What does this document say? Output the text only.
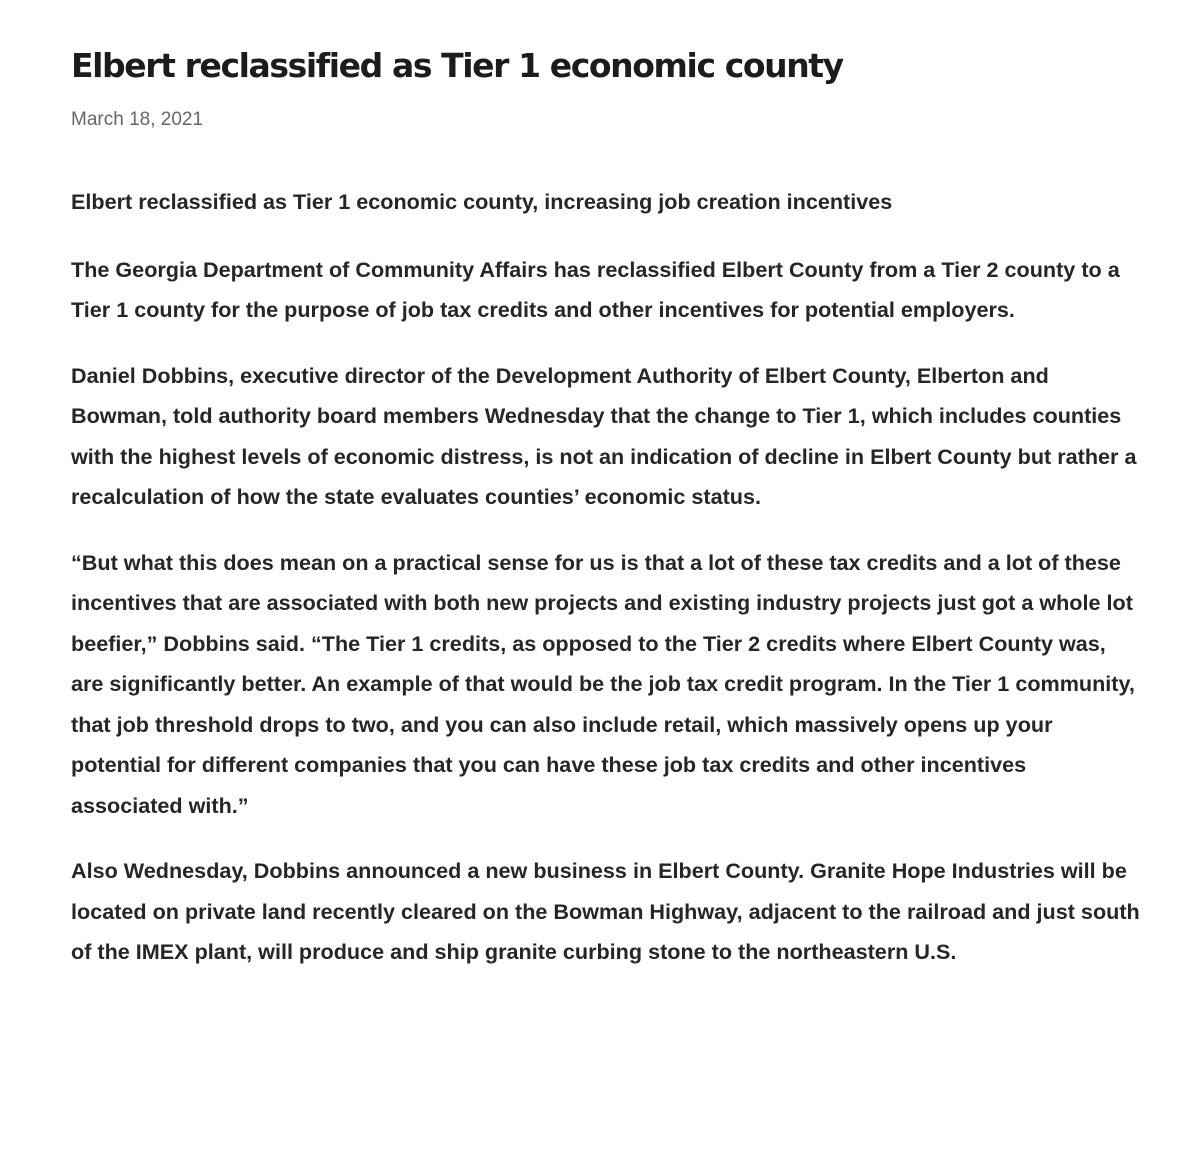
Elbert reclassified as Tier 1 economic county
March 18, 2021

Elbert reclassified as Tier 1 economic county, increasing job creation incentives

The Georgia Department of Community Affairs has reclassified Elbert County from a Tier 2 county to a Tier 1 county for the purpose of job tax credits and other incentives for potential employers.

Daniel Dobbins, executive director of the Development Authority of Elbert County, Elberton and Bowman, told authority board members Wednesday that the change to Tier 1, which includes counties with the highest levels of economic distress, is not an indication of decline in Elbert County but rather a recalculation of how the state evaluates counties’ economic status.

“But what this does mean on a practical sense for us is that a lot of these tax credits and a lot of these incentives that are associated with both new projects and existing industry projects just got a whole lot beefier,” Dobbins said. “The Tier 1 credits, as opposed to the Tier 2 credits where Elbert County was, are significantly better. An example of that would be the job tax credit program. In the Tier 1 community, that job threshold drops to two, and you can also include retail, which massively opens up your potential for different companies that you can have these job tax credits and other incentives associated with.”

Also Wednesday, Dobbins announced a new business in Elbert County. Granite Hope Industries will be located on private land recently cleared on the Bowman Highway, adjacent to the railroad and just south of the IMEX plant, will produce and ship granite curbing stone to the northeastern U.S.
